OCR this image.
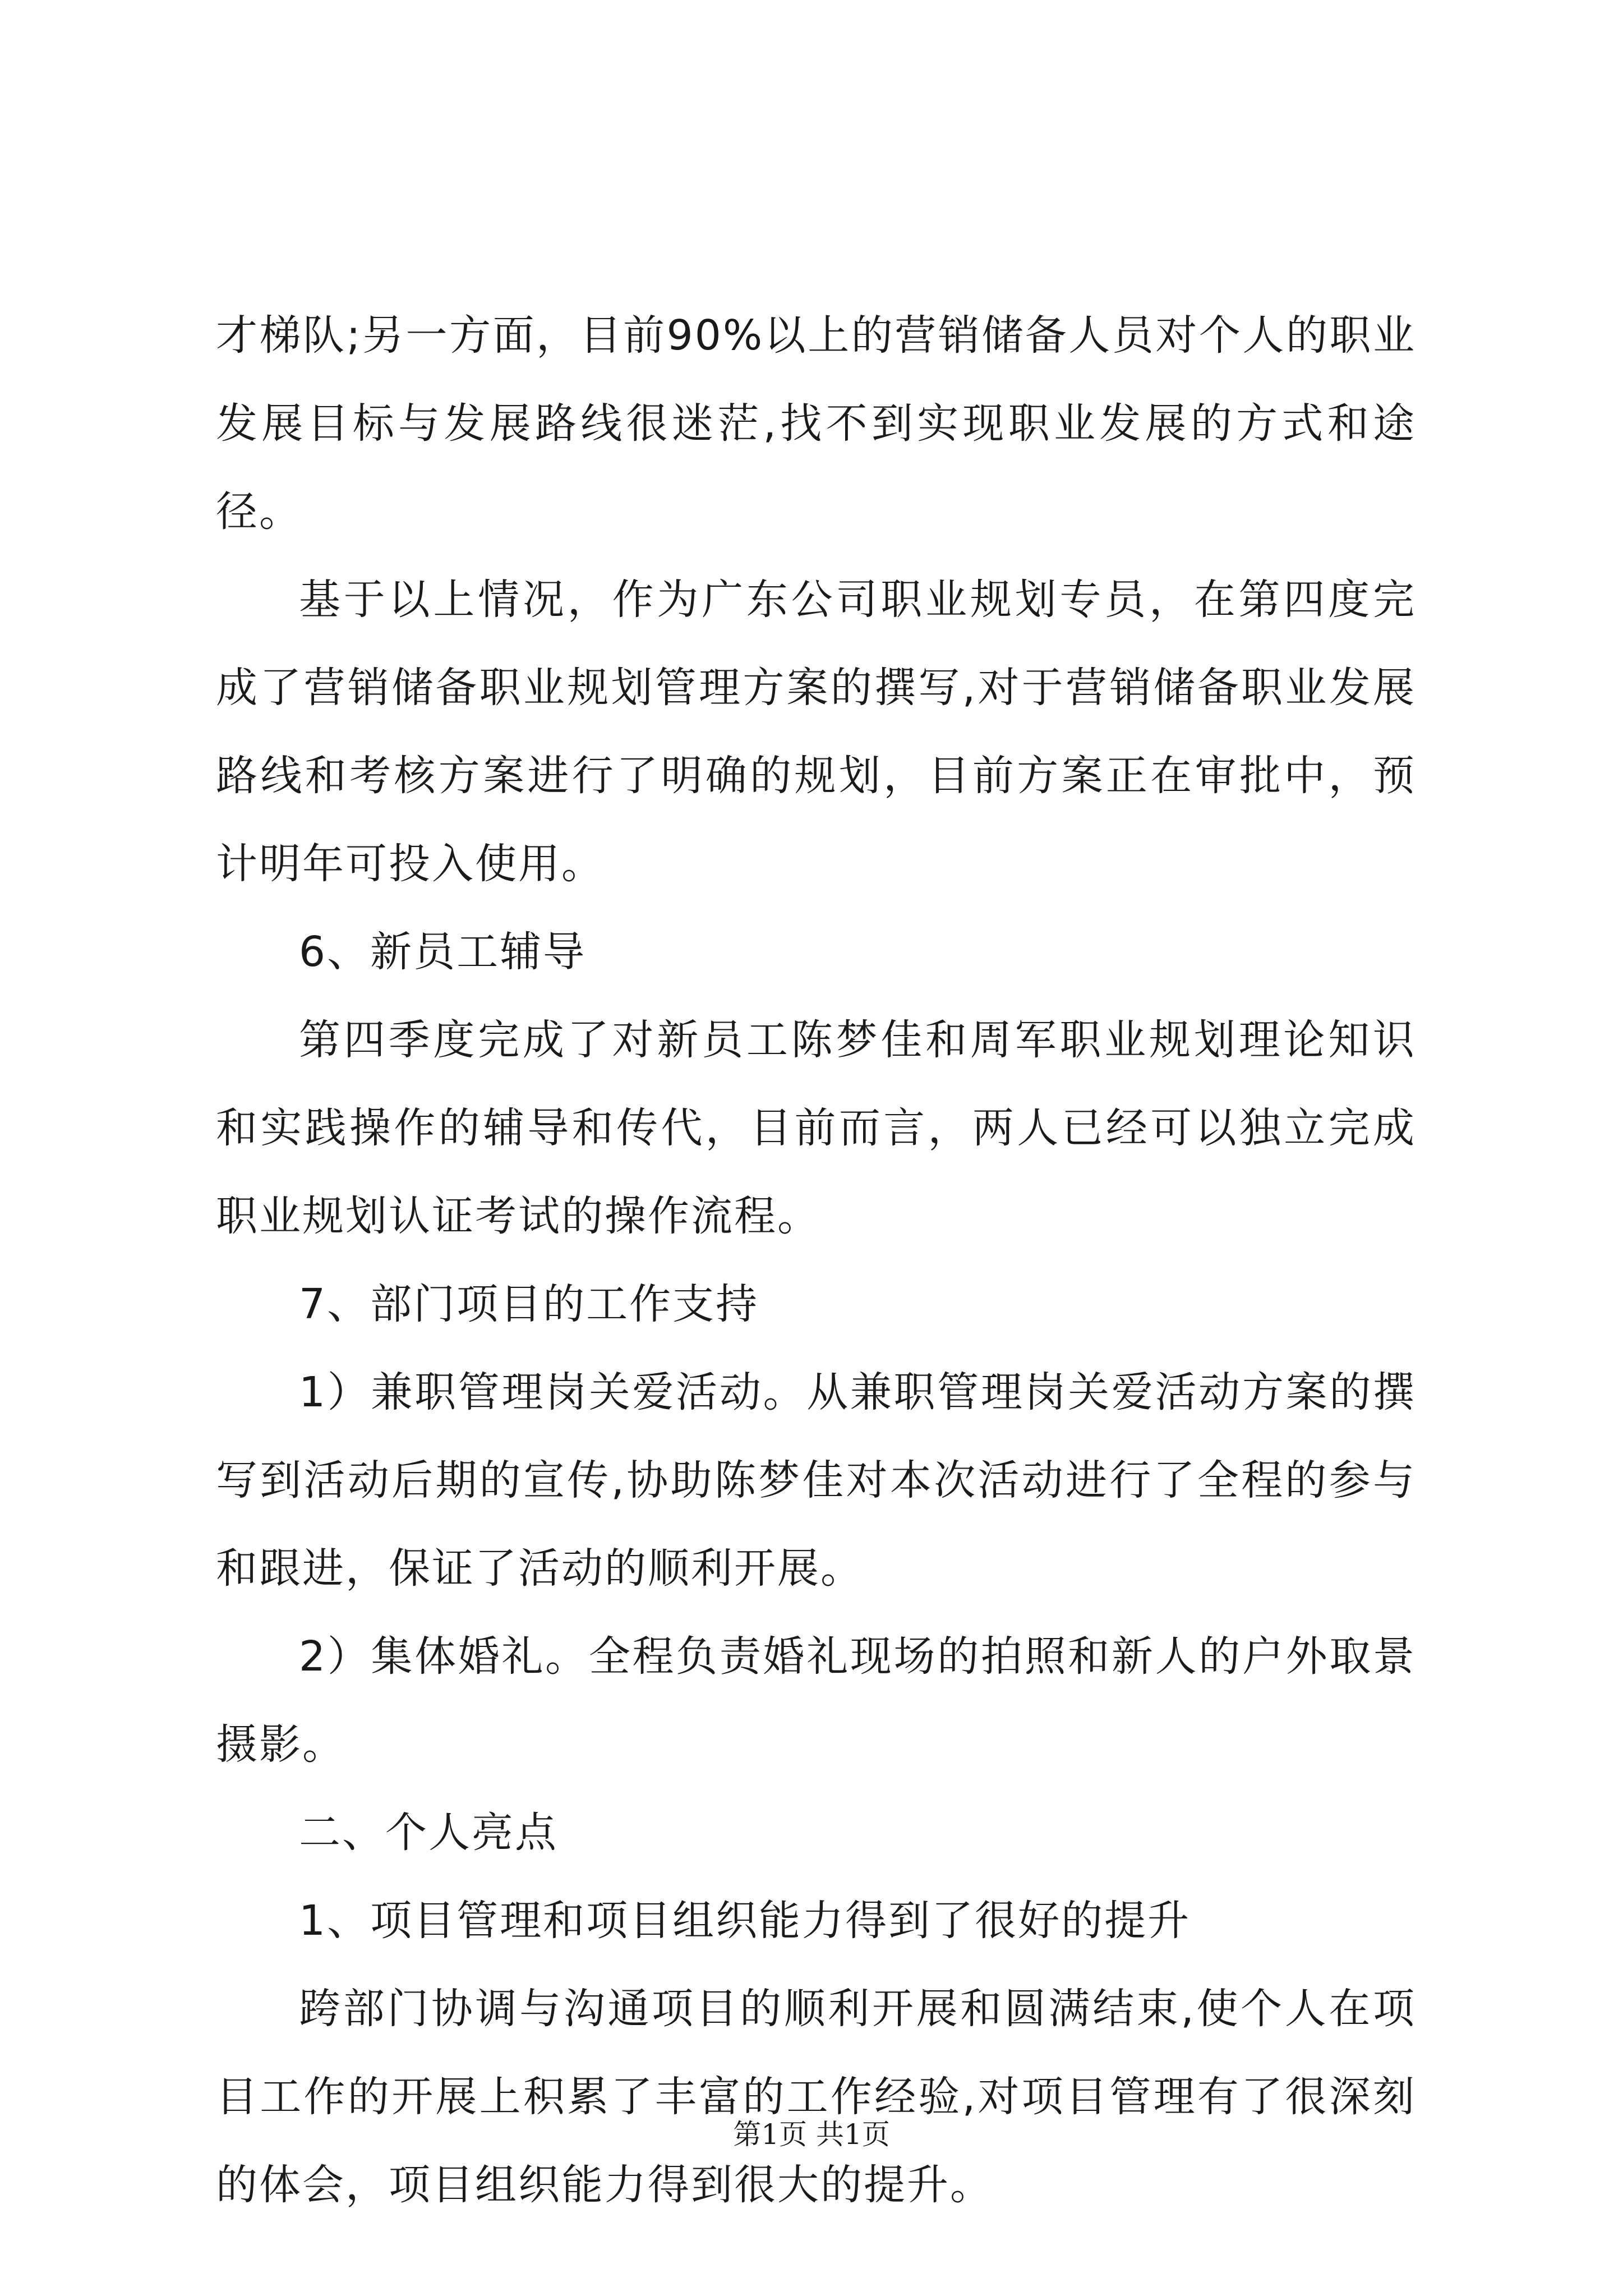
才梯队;另一方面，目前90%以上的营销储备人员对个人的职业发展目标与发展路线很迷茫,找不到实现职业发展的方式和途径。

基于以上情况，作为广东公司职业规划专员，在第四度完成了营销储备职业规划管理方案的撰写,对于营销储备职业发展路线和考核方案进行了明确的规划，目前方案正在审批中，预计明年可投入使用。

6、新员工辅导

第四季度完成了对新员工陈梦佳和周军职业规划理论知识和实践操作的辅导和传代，目前而言，两人已经可以独立完成职业规划认证考试的操作流程。

7、部门项目的工作支持

1）兼职管理岗关爱活动。从兼职管理岗关爱活动方案的撰写到活动后期的宣传,协助陈梦佳对本次活动进行了全程的参与和跟进，保证了活动的顺利开展。

2）集体婚礼。全程负责婚礼现场的拍照和新人的户外取景摄影。

二、个人亮点

1、项目管理和项目组织能力得到了很好的提升

跨部门协调与沟通项目的顺利开展和圆满结束,使个人在项目工作的开展上积累了丰富的工作经验,对项目管理有了很深刻的体会，项目组织能力得到很大的提升。

第1页 共1页
